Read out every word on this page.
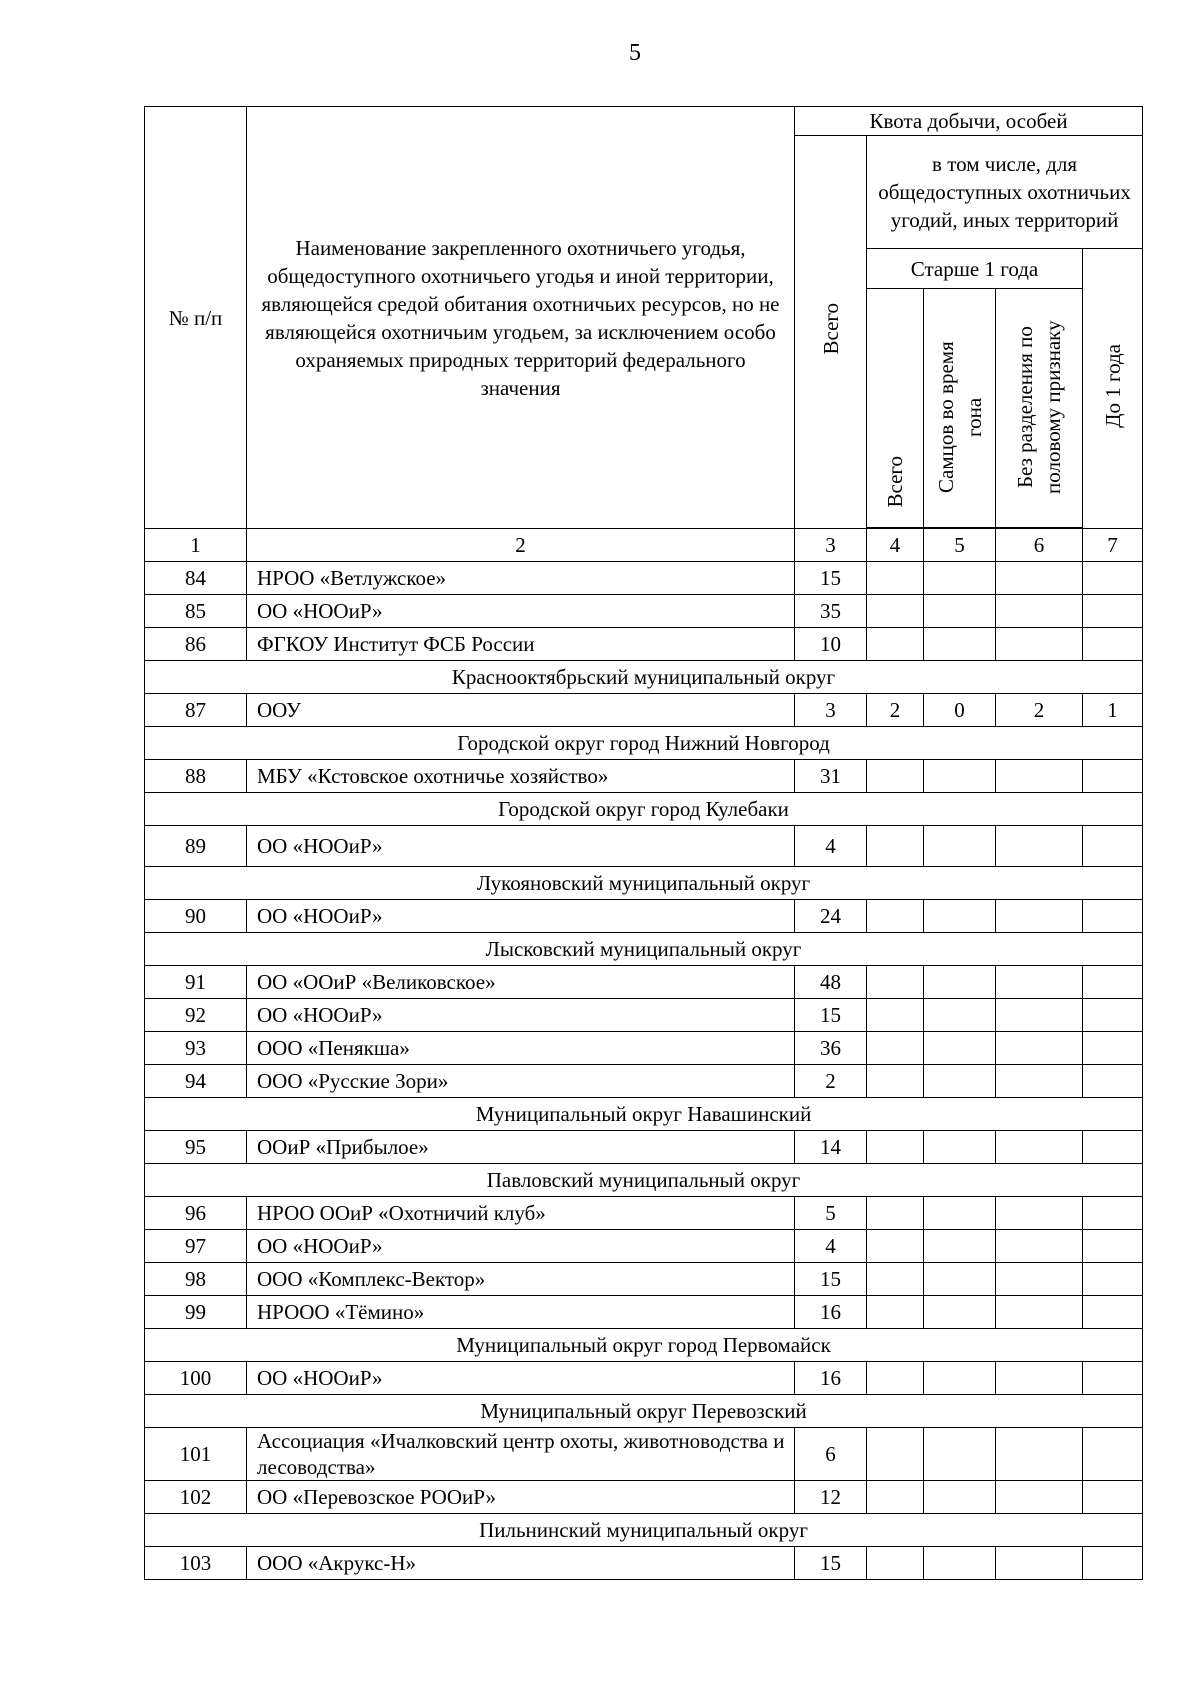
5
№ п/п	Наименование закрепленного охотничьего угодья, общедоступного охотничьего угодья и иной территории, являющейся средой обитания охотничьих ресурсов, но не являющейся охотничьим угодьем, за исключением особо охраняемых природных территорий федерального значения	Квота добычи, особей				
		Всего	в том числе, для общедоступных охотничьих угодий, иных территорий			
			Старше 1 года			До 1 года
			Всего	Самцов во время гона	Без разделения по половому признаку	

1	2	3	4	5	6	7
84	НРОО «Ветлужское»	15				
85	ОО «НООиР»	35				
86	ФГКОУ Институт ФСБ России	10				
Краснооктябрьский муниципальный округ						
87	ООУ	3	2	0	2	1
Городской округ город Нижний Новгород						
88	МБУ «Кстовское охотничье хозяйство»	31				
Городской округ город Кулебаки						
89	ОО «НООиР»	4				
Лукояновский муниципальный округ						
90	ОО «НООиР»	24				
Лысковский муниципальный округ						
91	ОО «ООиР «Великовское»	48				
92	ОО «НООиР»	15				
93	ООО «Пенякша»	36				
94	ООО «Русские Зори»	2				
Муниципальный округ Навашинский						
95	ООиР «Прибылое»	14				
Павловский муниципальный округ						
96	НРОО ООиР «Охотничий клуб»	5				
97	ОО «НООиР»	4				
98	ООО «Комплекс-Вектор»	15				
99	НРООО «Тёмино»	16				
Муниципальный округ город Первомайск						
100	ОО «НООиР»	16				
Муниципальный округ Перевозский						
101	Ассоциация «Ичалковский центр охоты, животноводства и лесоводства»	6				
102	ОО «Перевозское РООиР»	12				
Пильнинский муниципальный округ						
103	ООО «Акрукс-Н»	15				
